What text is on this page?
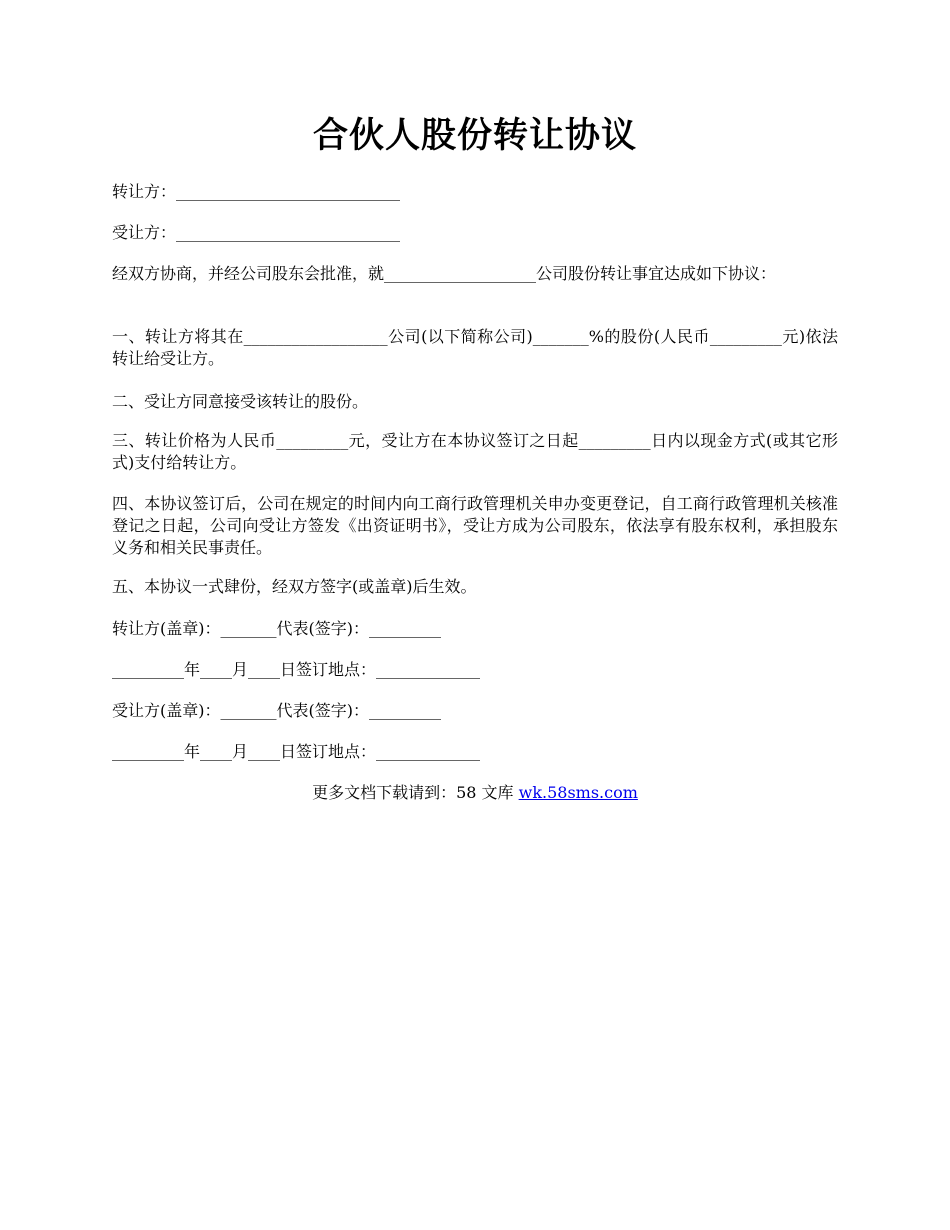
合伙人股份转让协议
转让方：____________________________
受让方：____________________________
经双方协商，并经公司股东会批准，就___________________公司股份转让事宜达成如下协议：
一、转让方将其在__________________公司(以下简称公司)_______%的股份(人民币_________元)依法转让给受让方。
二、受让方同意接受该转让的股份。
三、转让价格为人民币_________元，受让方在本协议签订之日起_________日内以现金方式(或其它形式)支付给转让方。
四、本协议签订后，公司在规定的时间内向工商行政管理机关申办变更登记，自工商行政管理机关核准登记之日起，公司向受让方签发《出资证明书》，受让方成为公司股东，依法享有股东权利，承担股东义务和相关民事责任。
五、本协议一式肆份，经双方签字(或盖章)后生效。
转让方(盖章)：_______代表(签字)：_________
_________年____月____日签订地点：_____________
受让方(盖章)：_______代表(签字)：_________
_________年____月____日签订地点：_____________
更多文档下载请到：58 文库 wk.58sms.com
